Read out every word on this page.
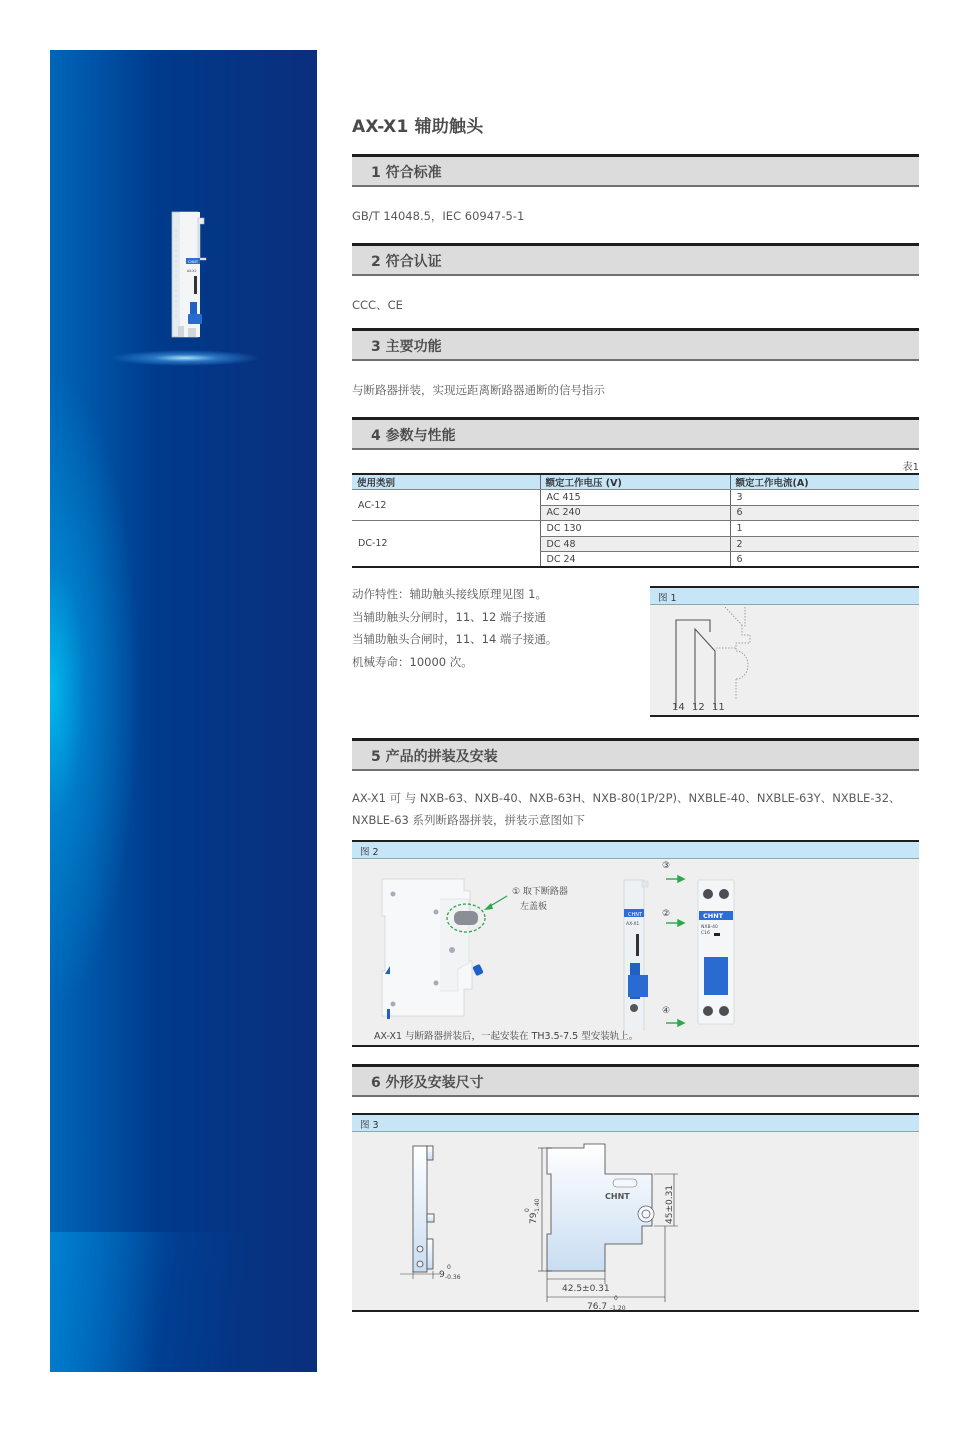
CHNT
AX-X1
AX-X1 辅助触头
1 符合标准
GB/T 14048.5，IEC 60947-5-1
2 符合认证
CCC、CE
3 主要功能
与断路器拼装，实现远距离断路器通断的信号指示
4 参数与性能
表1
使用类别	额定工作电压 (V)	额定工作电流(A)
AC-12	AC 415	3
	AC 240	6
DC-12	DC 130	1
	DC 48	2
	DC 24	6
动作特性：辅助触头接线原理见图 1。
当辅助触头分闸时，11、12 端子接通
当辅助触头合闸时，11、14 端子接通。
机械寿命：10000 次。
图 1
14 12 11
5 产品的拼装及安装
AX-X1 可 与 NXB-63、NXB-40、NXB-63H、NXB-80(1P/2P)、NXBLE-40、NXBLE-63Y、NXBLE-32、
NXBLE-63 系列断路器拼装，拼装示意图如下
图 2
CHNT
AX-X1
CHNT
NXB-40
C16
① 取下断路器
左盖板
③
②
④
AX-X1 与断路器拼装后，一起安装在 TH3.5-7.5 型安装轨上。
6 外形及安装尺寸
图 3
9
0
-0.36
CHNT
42.5±0.31
76.7
0
-1.20
79
0 -1.40	45±0.31
